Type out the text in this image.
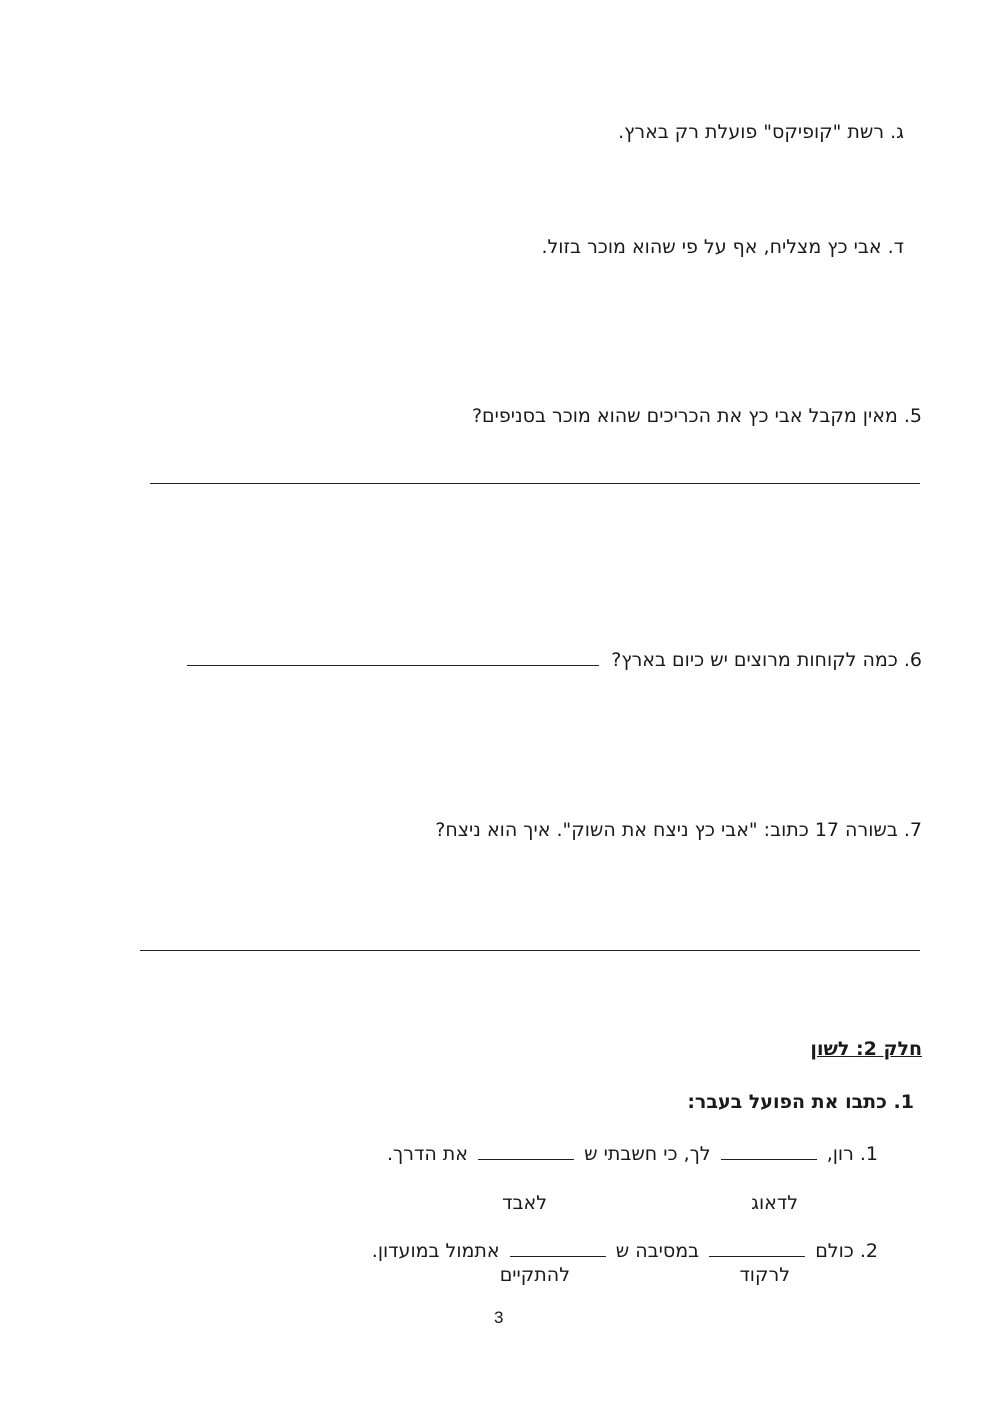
ג. רשת "קופיקס" פועלת רק בארץ.
ד. אבי כץ מצליח, אף על פי שהוא מוכר בזול.
5. מאין מקבל אבי כץ את הכריכים שהוא מוכר בסניפים?
6. כמה לקוחות מרוצים יש כיום בארץ?
7. בשורה 17 כתוב: "אבי כץ ניצח את השוק". איך הוא ניצח?
חלק 2: לשון
1. כתבו את הפועל בעבר:
1. רון,  לך, כי חשבתי ש  את הדרך.
לדאוג
לאבד
2. כולם  במסיבה ש  אתמול במועדון.
לרקוד
להתקיים
3
